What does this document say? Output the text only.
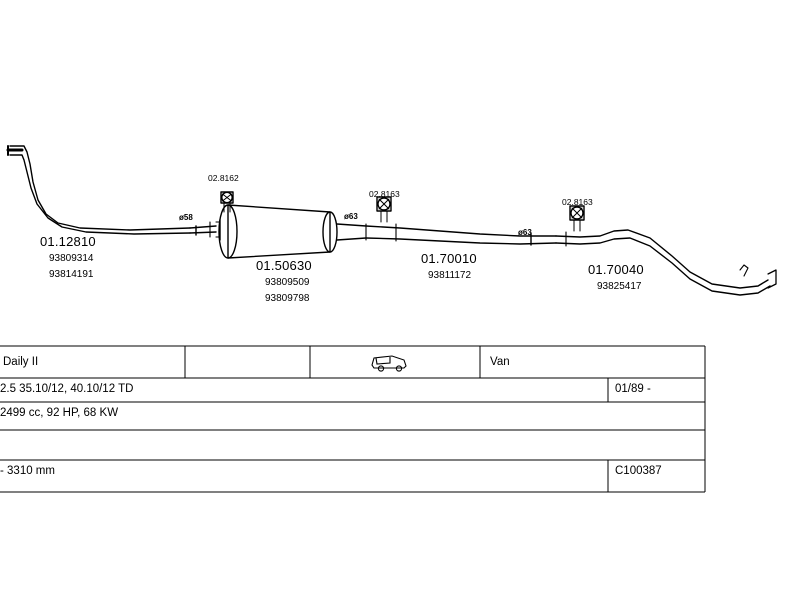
01.12810
93809314
93814191
01.50630
93809509
93809798
01.70010
93811172	01.70040
93825417
02.8162
02.8163
02.8163
ø58	ø63
ø63
Daily II	Van
2.5 35.10/12, 40.10/12 TD	01/89 -
2499 cc, 92 HP, 68 KW
- 3310 mm	C100387
